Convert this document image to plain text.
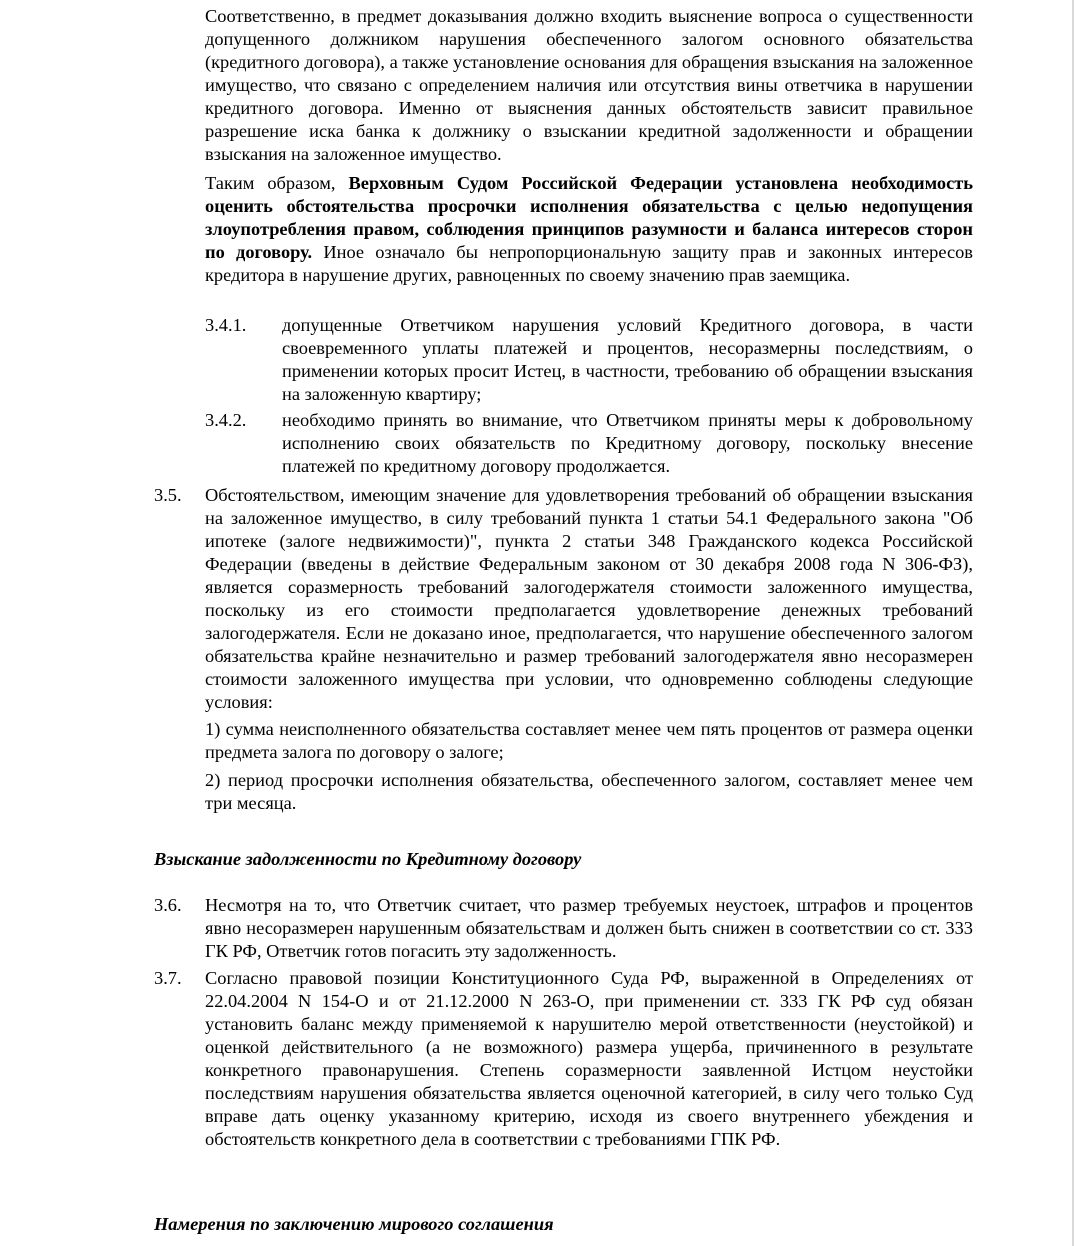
Соответственно, в предмет доказывания должно входить выяснение вопроса о существенности допущенного должником нарушения обеспеченного залогом основного обязательства (кредитного договора), а также установление основания для обращения взыскания на заложенное имущество, что связано с определением наличия или отсутствия вины ответчика в нарушении кредитного договора. Именно от выяснения данных обстоятельств зависит правильное разрешение иска банка к должнику о взыскании кредитной задолженности и обращении взыскания на заложенное имущество.

Таким образом, Верховным Судом Российской Федерации установлена необходимость оценить обстоятельства просрочки исполнения обязательства с целью недопущения злоупотребления правом, соблюдения принципов разумности и баланса интересов сторон по договору. Иное означало бы непропорциональную защиту прав и законных интересов кредитора в нарушение других, равноценных по своему значению прав заемщика.

3.4.1. допущенные Ответчиком нарушения условий Кредитного договора, в части своевременного уплаты платежей и процентов, несоразмерны последствиям, о применении которых просит Истец, в частности, требованию об обращении взыскания на заложенную квартиру;

3.4.2. необходимо принять во внимание, что Ответчиком приняты меры к добровольному исполнению своих обязательств по Кредитному договору, поскольку внесение платежей по кредитному договору продолжается.

3.5. Обстоятельством, имеющим значение для удовлетворения требований об обращении взыскания на заложенное имущество, в силу требований пункта 1 статьи 54.1 Федерального закона "Об ипотеке (залоге недвижимости)", пункта 2 статьи 348 Гражданского кодекса Российской Федерации (введены в действие Федеральным законом от 30 декабря 2008 года N 306-ФЗ), является соразмерность требований залогодержателя стоимости заложенного имущества, поскольку из его стоимости предполагается удовлетворение денежных требований залогодержателя. Если не доказано иное, предполагается, что нарушение обеспеченного залогом обязательства крайне незначительно и размер требований залогодержателя явно несоразмерен стоимости заложенного имущества при условии, что одновременно соблюдены следующие условия:

1) сумма неисполненного обязательства составляет менее чем пять процентов от размера оценки предмета залога по договору о залоге;

2) период просрочки исполнения обязательства, обеспеченного залогом, составляет менее чем три месяца.

Взыскание задолженности по Кредитному договору

3.6. Несмотря на то, что Ответчик считает, что размер требуемых неустоек, штрафов и процентов явно несоразмерен нарушенным обязательствам и должен быть снижен в соответствии со ст. 333 ГК РФ, Ответчик готов погасить эту задолженность.

3.7. Согласно правовой позиции Конституционного Суда РФ, выраженной в Определениях от 22.04.2004 N 154-О и от 21.12.2000 N 263-О, при применении ст. 333 ГК РФ суд обязан установить баланс между применяемой к нарушителю мерой ответственности (неустойкой) и оценкой действительного (а не возможного) размера ущерба, причиненного в результате конкретного правонарушения. Степень соразмерности заявленной Истцом неустойки последствиям нарушения обязательства является оценочной категорией, в силу чего только Суд вправе дать оценку указанному критерию, исходя из своего внутреннего убеждения и обстоятельств конкретного дела в соответствии с требованиями ГПК РФ.

Намерения по заключению мирового соглашения
